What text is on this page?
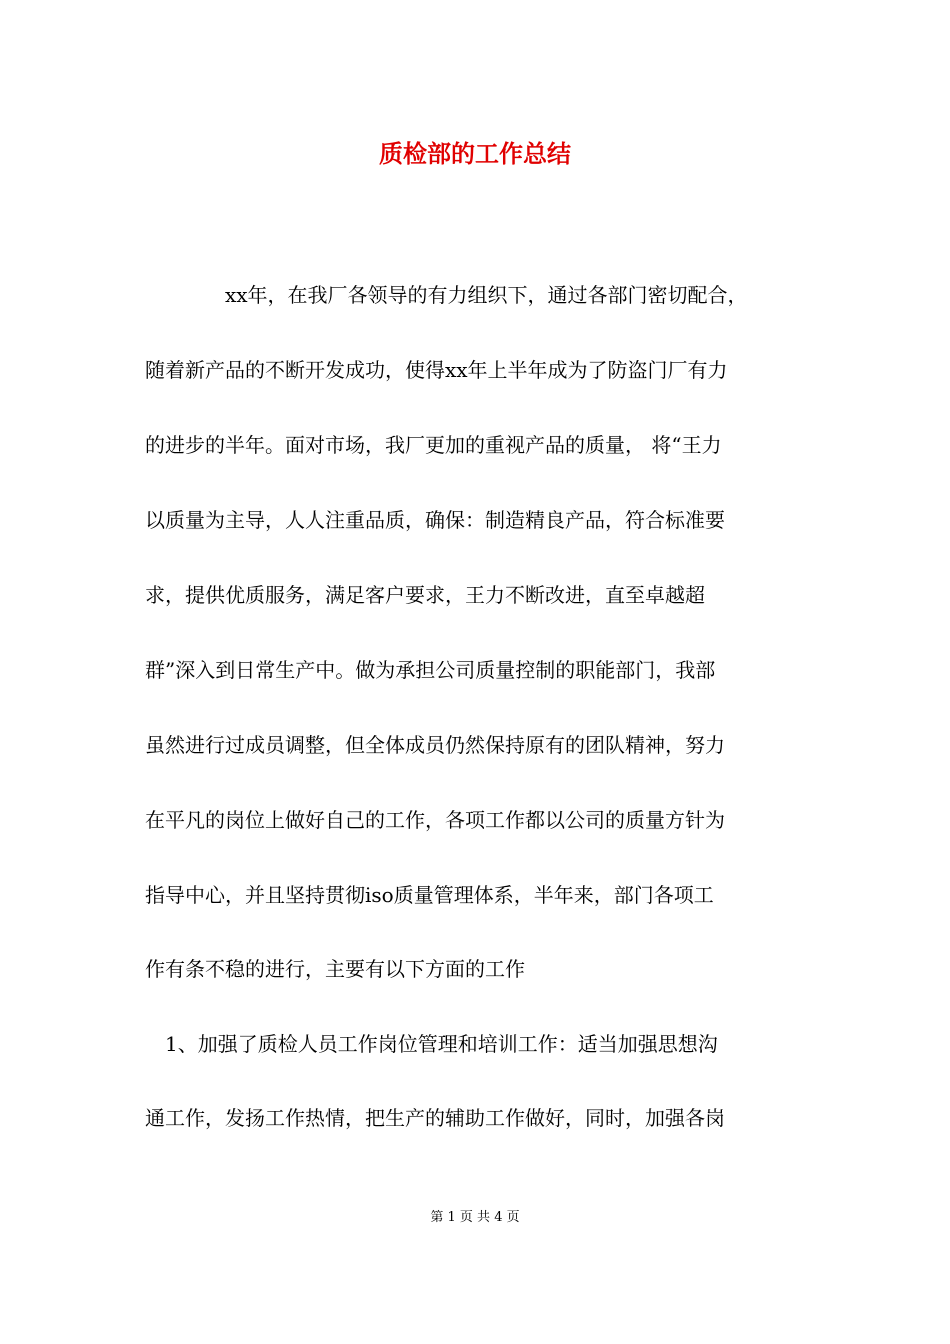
质检部的工作总结
　　　　xx年，在我厂各领导的有力组织下，通过各部门密切配合，
随着新产品的不断开发成功，使得xx年上半年成为了防盗门厂有力
的进步的半年。面对市场，我厂更加的重视产品的质量， 将“王力
以质量为主导，人人注重品质，确保：制造精良产品，符合标准要
求，提供优质服务，满足客户要求，王力不断改进，直至卓越超
群”深入到日常生产中。做为承担公司质量控制的职能部门，我部
虽然进行过成员调整，但全体成员仍然保持原有的团队精神，努力
在平凡的岗位上做好自己的工作，各项工作都以公司的质量方针为
指导中心，并且坚持贯彻iso质量管理体系，半年来，部门各项工
作有条不稳的进行，主要有以下方面的工作
　1、加强了质检人员工作岗位管理和培训工作：适当加强思想沟
通工作，发扬工作热情，把生产的辅助工作做好，同时，加强各岗
第 1 页 共 4 页
